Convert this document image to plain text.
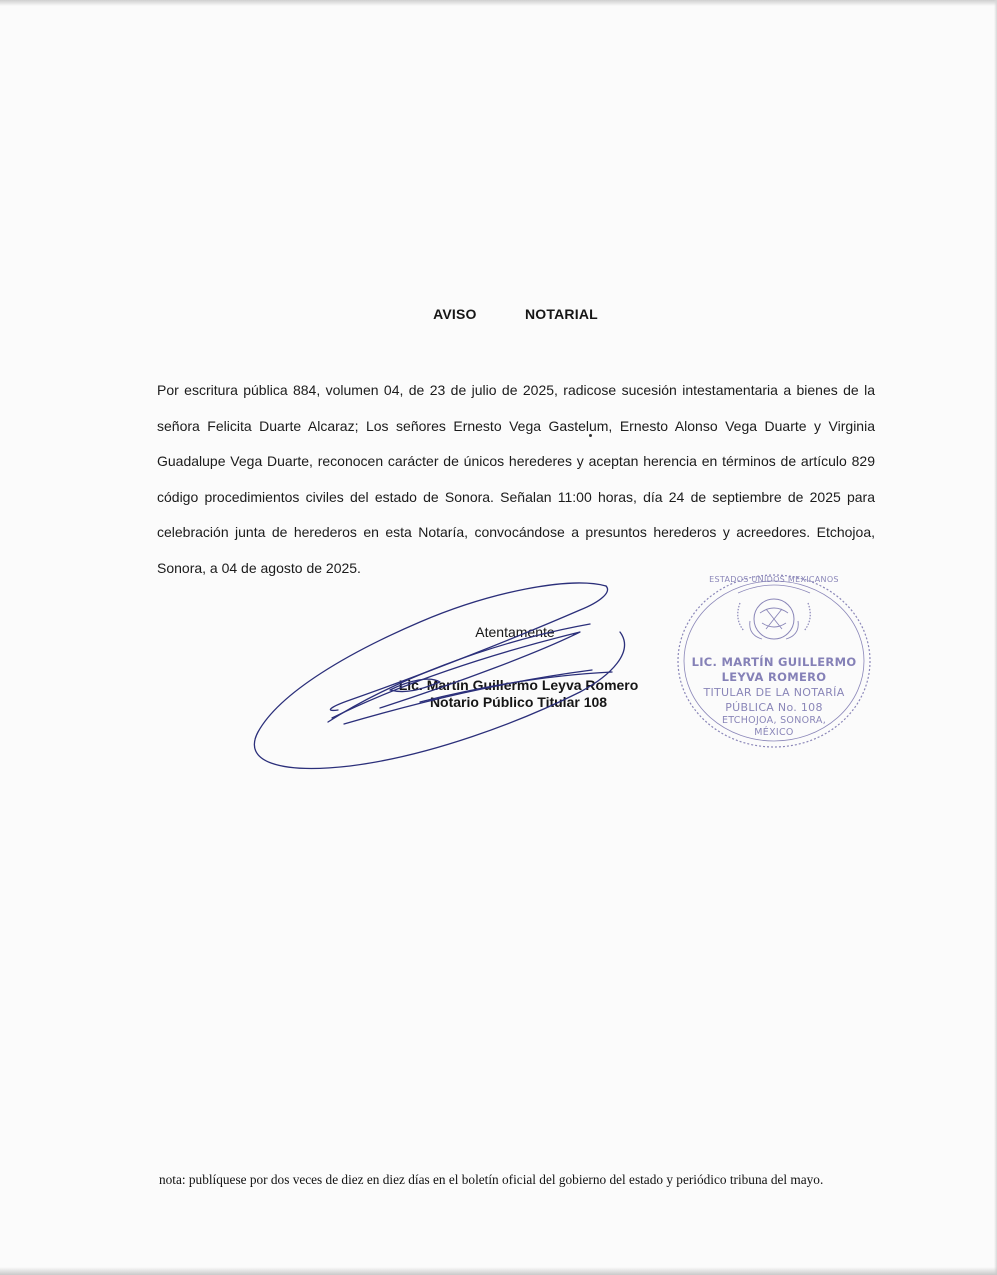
AVISO    NOTARIAL
Por escritura pública 884, volumen 04, de 23 de julio de 2025, radicose sucesión intestamentaria a bienes de la señora Felicita Duarte Alcaraz; Los señores Ernesto Vega Gastelum, Ernesto Alonso Vega Duarte y Virginia Guadalupe Vega Duarte, reconocen carácter de únicos herederes y aceptan herencia en términos de artículo 829 código procedimientos civiles del estado de Sonora. Señalan 11:00 horas, día 24 de septiembre de 2025 para celebración junta de herederos en esta Notaría, convocándose a presuntos herederos y acreedores. Etchojoa, Sonora, a 04 de agosto de 2025.
Atentamente
Lic. Martín Guillermo Leyva Romero
Notario Público Titular 108
ESTADOS UNIDOS MEXICANOS
LIC. MARTÍN GUILLERMO
LEYVA ROMERO
TITULAR DE LA NOTARÍA
PÚBLICA No. 108
ETCHOJOA, SONORA,
MÉXICO
nota: publíquese por dos veces de diez en diez días en el boletín oficial del gobierno del estado y periódico tribuna del mayo.
